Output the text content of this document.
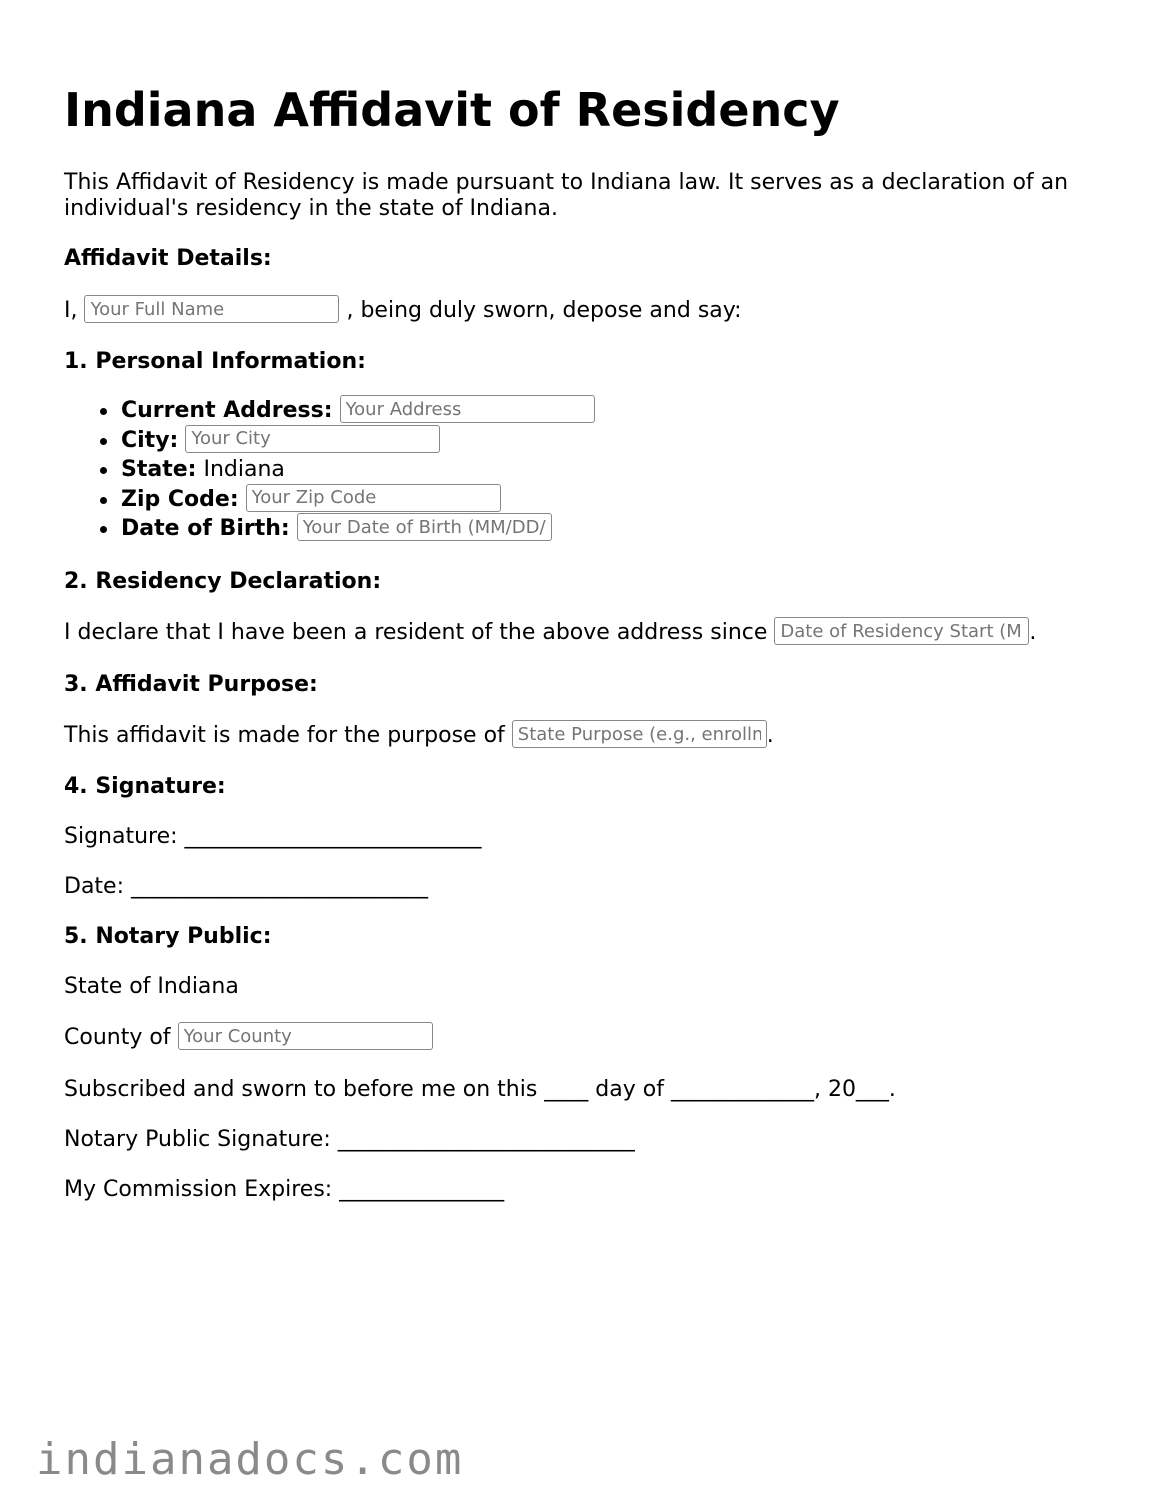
Indiana Affidavit of Residency

This Affidavit of Residency is made pursuant to Indiana law. It serves as a declaration of an individual's residency in the state of Indiana.

Affidavit Details:

I, Your Full Name	, being duly sworn, depose and say:

1. Personal Information:

Current Address: Your Address
City: Your City
State: Indiana
Zip Code: Your Zip Code
Date of Birth: Your Date of Birth (MM/DD/YYYY)

2. Residency Declaration:

I declare that I have been a resident of the above address since Date of Residency Start (MM/DD/YYYY)	.

3. Affidavit Purpose:

This affidavit is made for the purpose of State Purpose (e.g., enrollment)	.

4. Signature:

Signature: ___________________________

Date: ___________________________

5. Notary Public:

State of Indiana

County of Your County

Subscribed and sworn to before me on this ____ day of _____________, 20___.

Notary Public Signature: ___________________________

My Commission Expires: _______________

indianadocs.com
